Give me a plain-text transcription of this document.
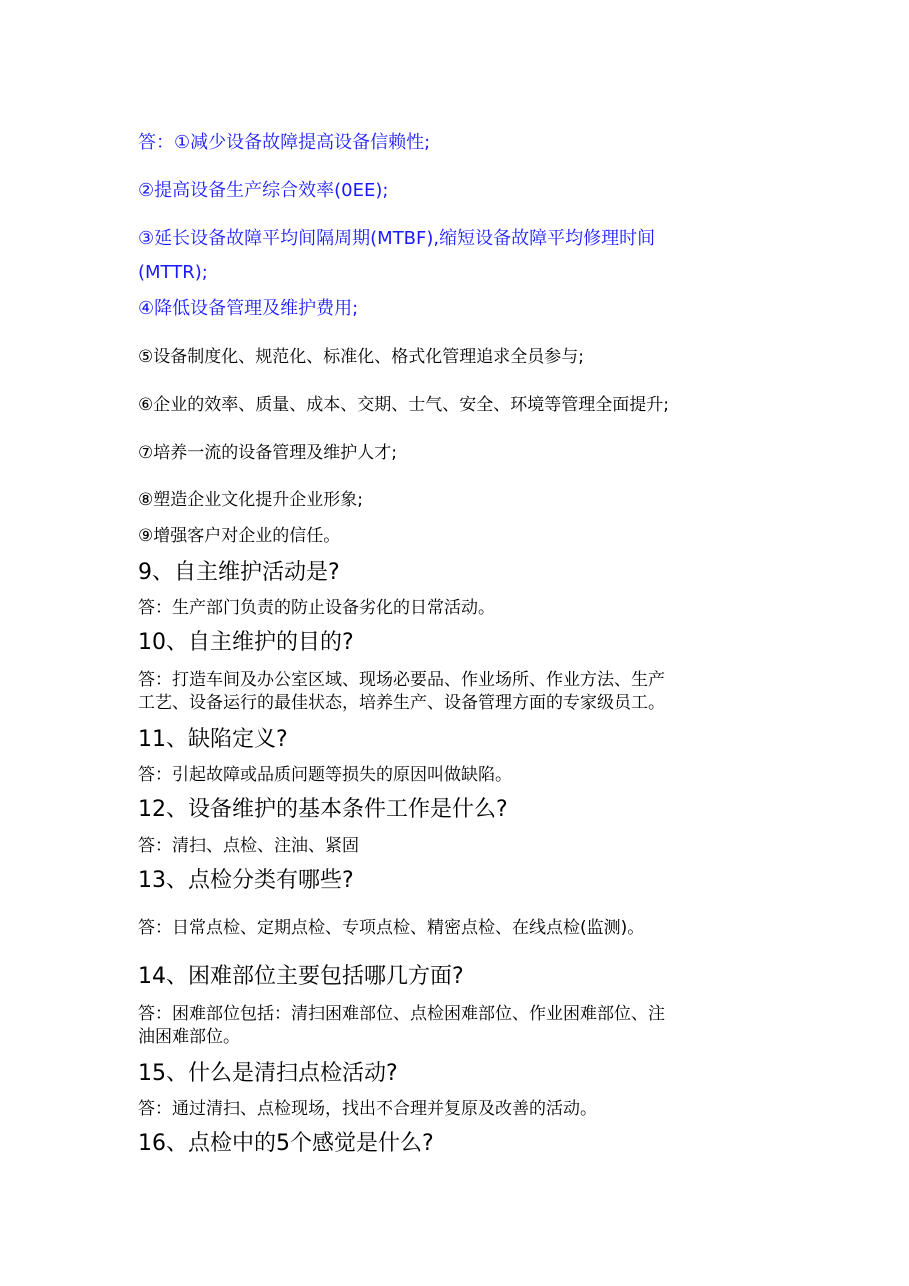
答：①减少设备故障提高设备信赖性;
②提高设备生产综合效率(0EE);
③延长设备故障平均间隔周期(MTBF),缩短设备故障平均修理时间
(MTTR);
④降低设备管理及维护费用;
⑤设备制度化、规范化、标准化、格式化管理追求全员参与;
⑥企业的效率、质量、成本、交期、士气、安全、环境等管理全面提升;
⑦培养一流的设备管理及维护人才;
⑧塑造企业文化提升企业形象;
⑨增强客户对企业的信任。
9、自主维护活动是?
答：生产部门负责的防止设备劣化的日常活动。
10、自主维护的目的?
答：打造车间及办公室区域、现场必要品、作业场所、作业方法、生产
工艺、设备运行的最佳状态，培养生产、设备管理方面的专家级员工。
11、缺陷定义?
答：引起故障或品质问题等损失的原因叫做缺陷。
12、设备维护的基本条件工作是什么?
答：清扫、点检、注油、紧固
13、点检分类有哪些?
答：日常点检、定期点检、专项点检、精密点检、在线点检(监测)。
14、困难部位主要包括哪几方面?
答：困难部位包括：清扫困难部位、点检困难部位、作业困难部位、注
油困难部位。
15、什么是清扫点检活动?
答：通过清扫、点检现场，找出不合理并复原及改善的活动。
16、点检中的5个感觉是什么?
